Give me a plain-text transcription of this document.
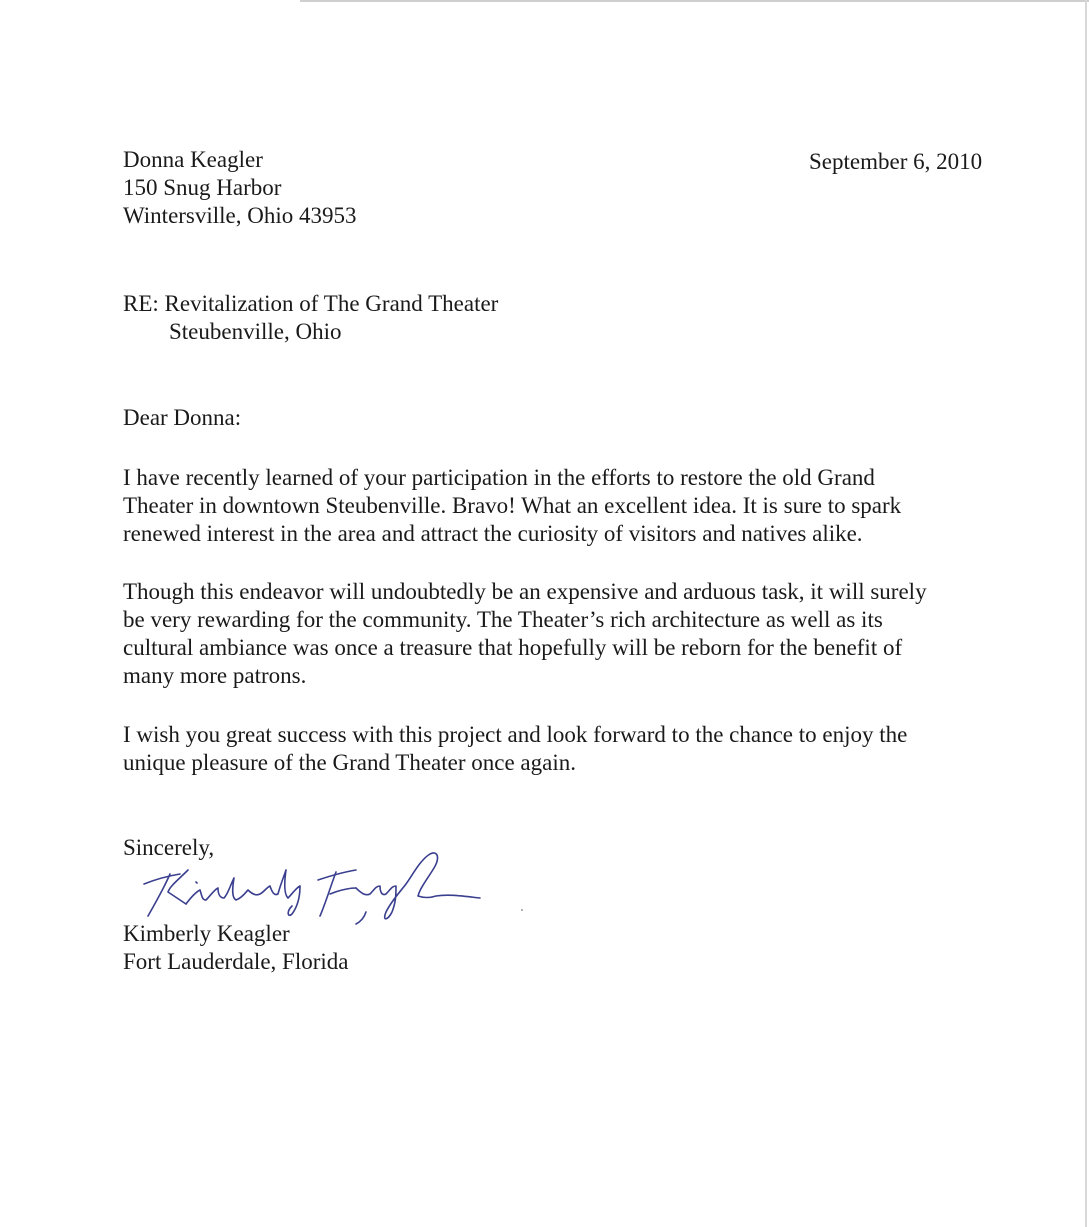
Donna Keagler
150 Snug Harbor
Wintersville, Ohio 43953
September 6, 2010
RE: Revitalization of The Grand Theater
Steubenville, Ohio
Dear Donna:
I have recently learned of your participation in the efforts to restore the old Grand
Theater in downtown Steubenville. Bravo! What an excellent idea. It is sure to spark
renewed interest in the area and attract the curiosity of visitors and natives alike.
Though this endeavor will undoubtedly be an expensive and arduous task, it will surely
be very rewarding for the community. The Theater’s rich architecture as well as its
cultural ambiance was once a treasure that hopefully will be reborn for the benefit of
many more patrons.
I wish you great success with this project and look forward to the chance to enjoy the
unique pleasure of the Grand Theater once again.
Sincerely,
Kimberly Keagler
Fort Lauderdale, Florida
